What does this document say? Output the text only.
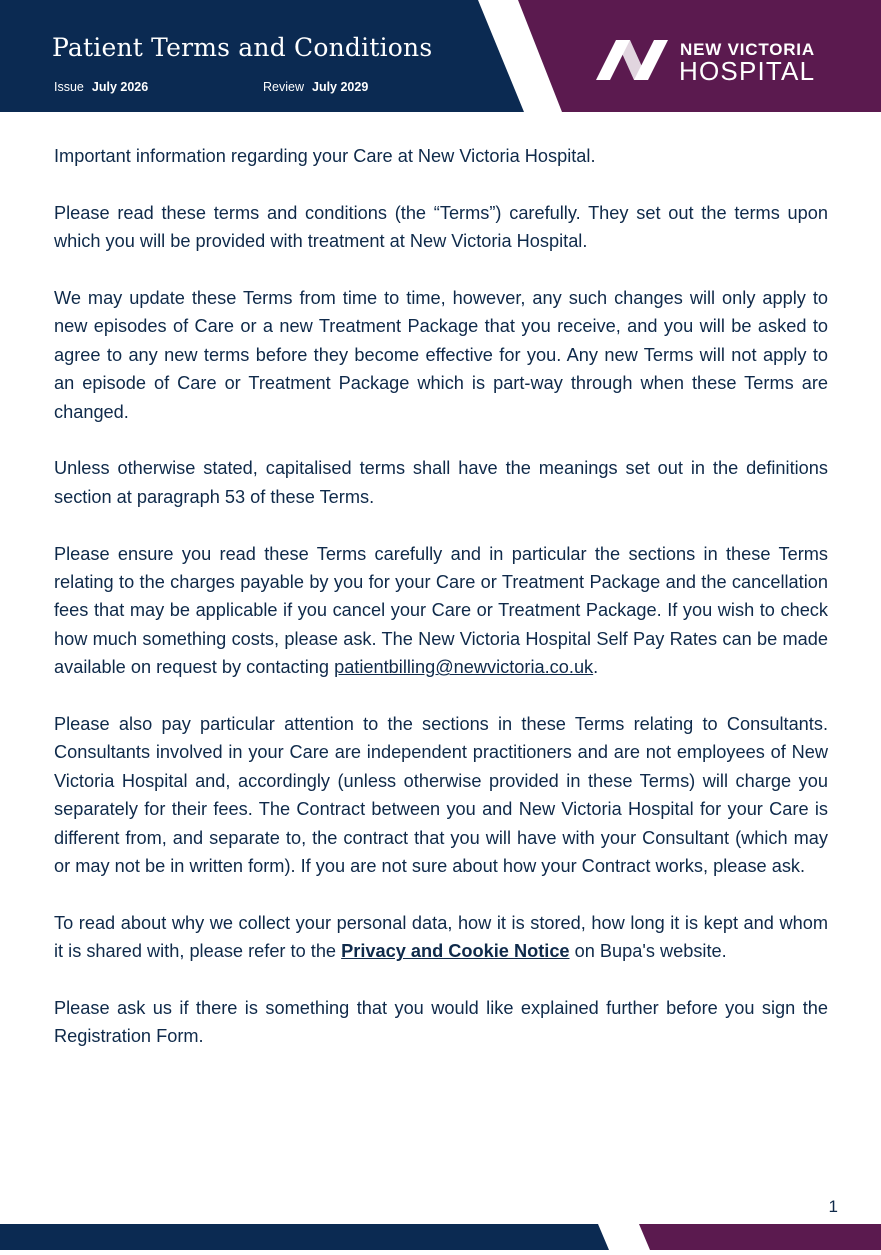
Patient Terms and Conditions
Issue July 2026	Review July 2029
NEW VICTORIA
HOSPITAL

Important information regarding your Care at New Victoria Hospital.

Please read these terms and conditions (the “Terms”) carefully. They set out the terms upon which you will be provided with treatment at New Victoria Hospital.

We may update these Terms from time to time, however, any such changes will only apply to new episodes of Care or a new Treatment Package that you receive, and you will be asked to agree to any new terms before they become effective for you. Any new Terms will not apply to an episode of Care or Treatment Package which is part-way through when these Terms are changed.

Unless otherwise stated, capitalised terms shall have the meanings set out in the definitions section at paragraph 53 of these Terms.

Please ensure you read these Terms carefully and in particular the sections in these Terms relating to the charges payable by you for your Care or Treatment Package and the cancellation fees that may be applicable if you cancel your Care or Treatment Package. If you wish to check how much something costs, please ask. The New Victoria Hospital Self Pay Rates can be made available on request by contacting patientbilling@newvictoria.co.uk.

Please also pay particular attention to the sections in these Terms relating to Consultants. Consultants involved in your Care are independent practitioners and are not employees of New Victoria Hospital and, accordingly (unless otherwise provided in these Terms) will charge you separately for their fees. The Contract between you and New Victoria Hospital for your Care is different from, and separate to, the contract that you will have with your Consultant (which may or may not be in written form). If you are not sure about how your Contract works, please ask.

To read about why we collect your personal data, how it is stored, how long it is kept and whom it is shared with, please refer to the Privacy and Cookie Notice on Bupa's website.

Please ask us if there is something that you would like explained further before you sign the Registration Form.

1
